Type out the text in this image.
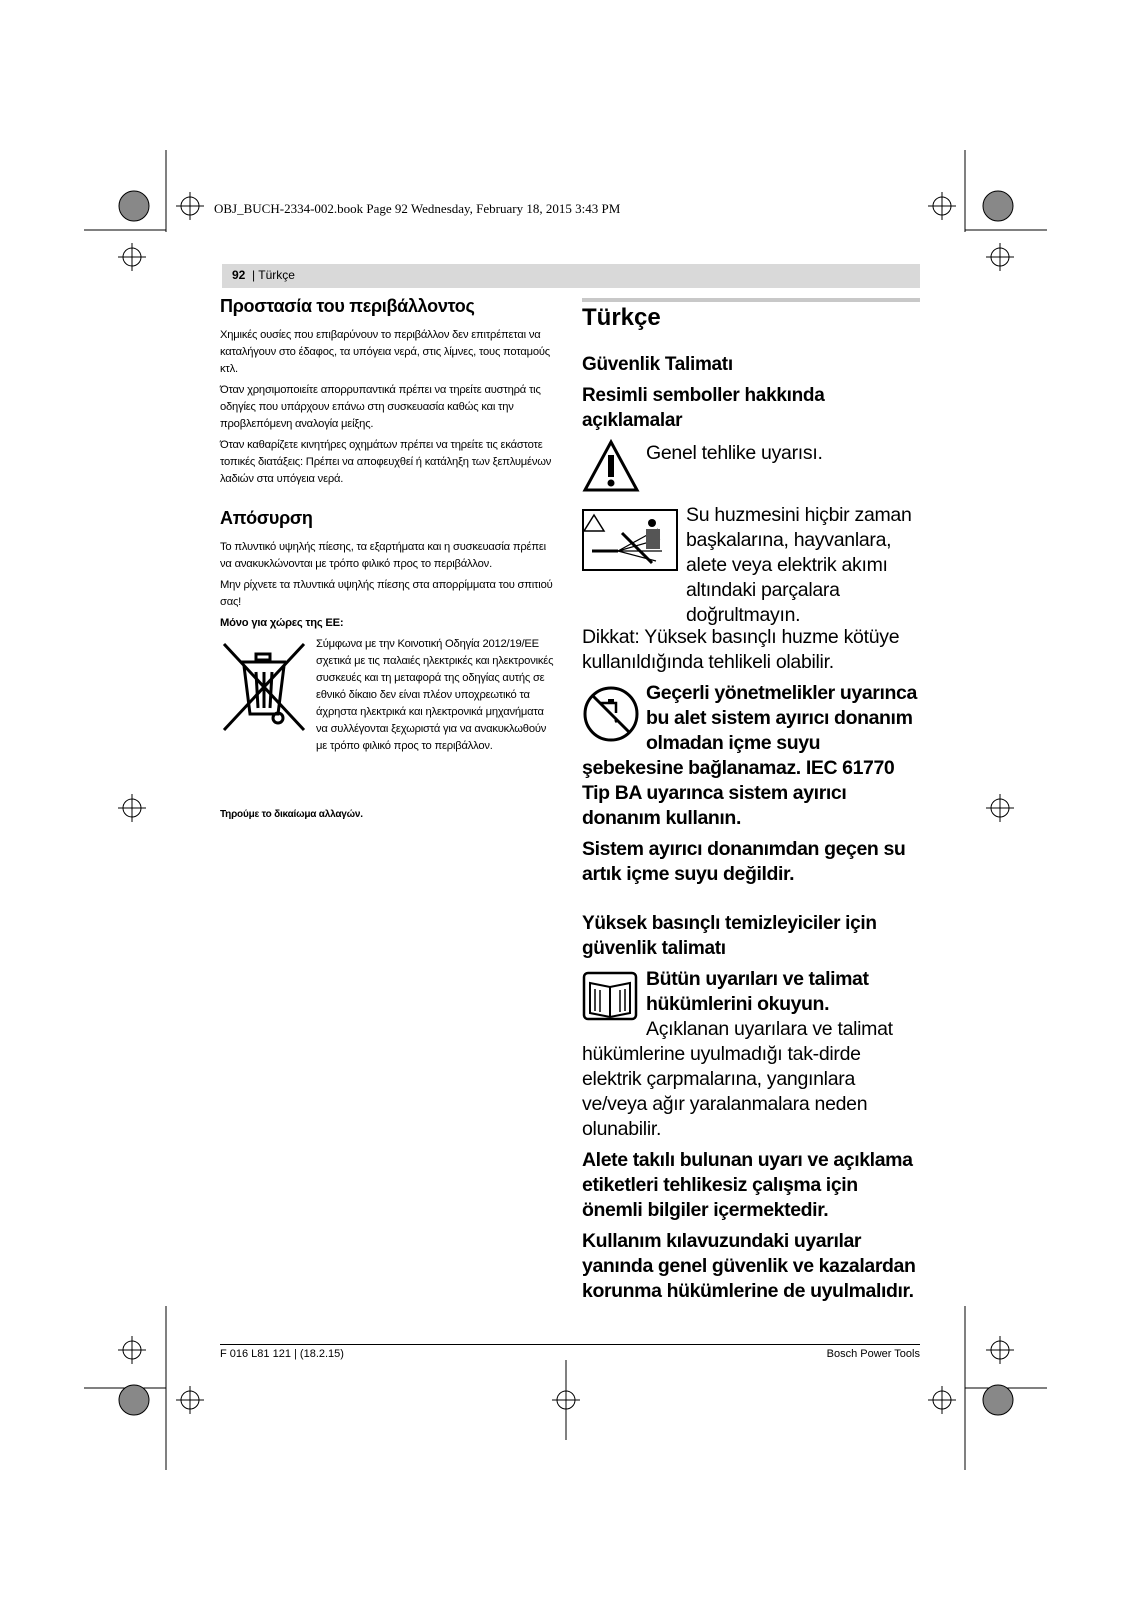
OBJ_BUCH-2334-002.book Page 92 Wednesday, February 18, 2015 3:43 PM
92 | Türkçe
Προστασία του περιβάλλοντος

Χημικές ουσίες που επιβαρύνουν το περιβάλλον δεν επιτρέπεται να καταλήγουν στο έδαφος, τα υπόγεια νερά, στις λίμνες, τους ποταμούς κτλ.

Όταν χρησιμοποιείτε απορρυπαντικά πρέπει να τηρείτε αυστηρά τις οδηγίες που υπάρχουν επάνω στη συσκευασία καθώς και την προβλεπόμενη αναλογία μείξης.

Όταν καθαρίζετε κινητήρες οχημάτων πρέπει να τηρείτε τις εκάστοτε τοπικές διατάξεις: Πρέπει να αποφευχθεί ή κατάληξη των ξεπλυμένων λαδιών στα υπόγεια νερά.

Απόσυρση

Το πλυντικό υψηλής πίεσης, τα εξαρτήματα και η συσκευασία πρέπει να ανακυκλώνονται με τρόπο φιλικό προς το περιβάλλον.

Μην ρίχνετε τα πλυντικά υψηλής πίεσης στα απορρίμματα του σπιτιού σας!

Μόνο για χώρες της ΕΕ:

Σύμφωνα με την Κοινοτική Οδηγία 2012/19/ΕΕ σχετικά με τις παλαιές ηλεκτρικές και ηλεκτρονικές συσκευές και τη μεταφορά της οδηγίας αυτής σε εθνικό δίκαιο δεν είναι πλέον υποχρεωτικό τα άχρηστα ηλεκτρικά και ηλεκτρονικά μηχανήματα να συλλέγονται ξεχωριστά για να ανακυκλωθούν με τρόπο φιλικό προς το περιβάλλον.

Τηρούμε το δικαίωμα αλλαγών.

Türkçe
Güvenlik Talimatı
Resimli semboller hakkında açıklamalar
Genel tehlike uyarısı.
Su huzmesini hiçbir zaman başkalarına, hayvanlara, alete veya elektrik akımı altındaki parçalara doğrultmayın.
Dikkat: Yüksek basınçlı huzme kötüye kullanıldığında tehlikeli olabilir.
Geçerli yönetmelikler uyarınca bu alet sistem ayırıcı donanım olmadan içme suyu şebekesine bağlanamaz. IEC 61770 Tip BA uyarınca sistem ayırıcı donanım kullanın.
Sistem ayırıcı donanımdan geçen su artık içme suyu değildir.
Yüksek basınçlı temizleyiciler için güvenlik talimatı
Bütün uyarıları ve talimat hükümlerini okuyun.
Açıklanan uyarılara ve talimat hükümlerine uyulmadığı tak-dirde elektrik çarpmalarına, yangınlara ve/veya ağır yaralanmalara neden olunabilir.
Alete takılı bulunan uyarı ve açıklama etiketleri tehlikesiz çalışma için önemli bilgiler içermektedir.
Kullanım kılavuzundaki uyarılar yanında genel güvenlik ve kazalardan korunma hükümlerine de uyulmalıdır.
F 016 L81 121 | (18.2.15)	Bosch Power Tools
